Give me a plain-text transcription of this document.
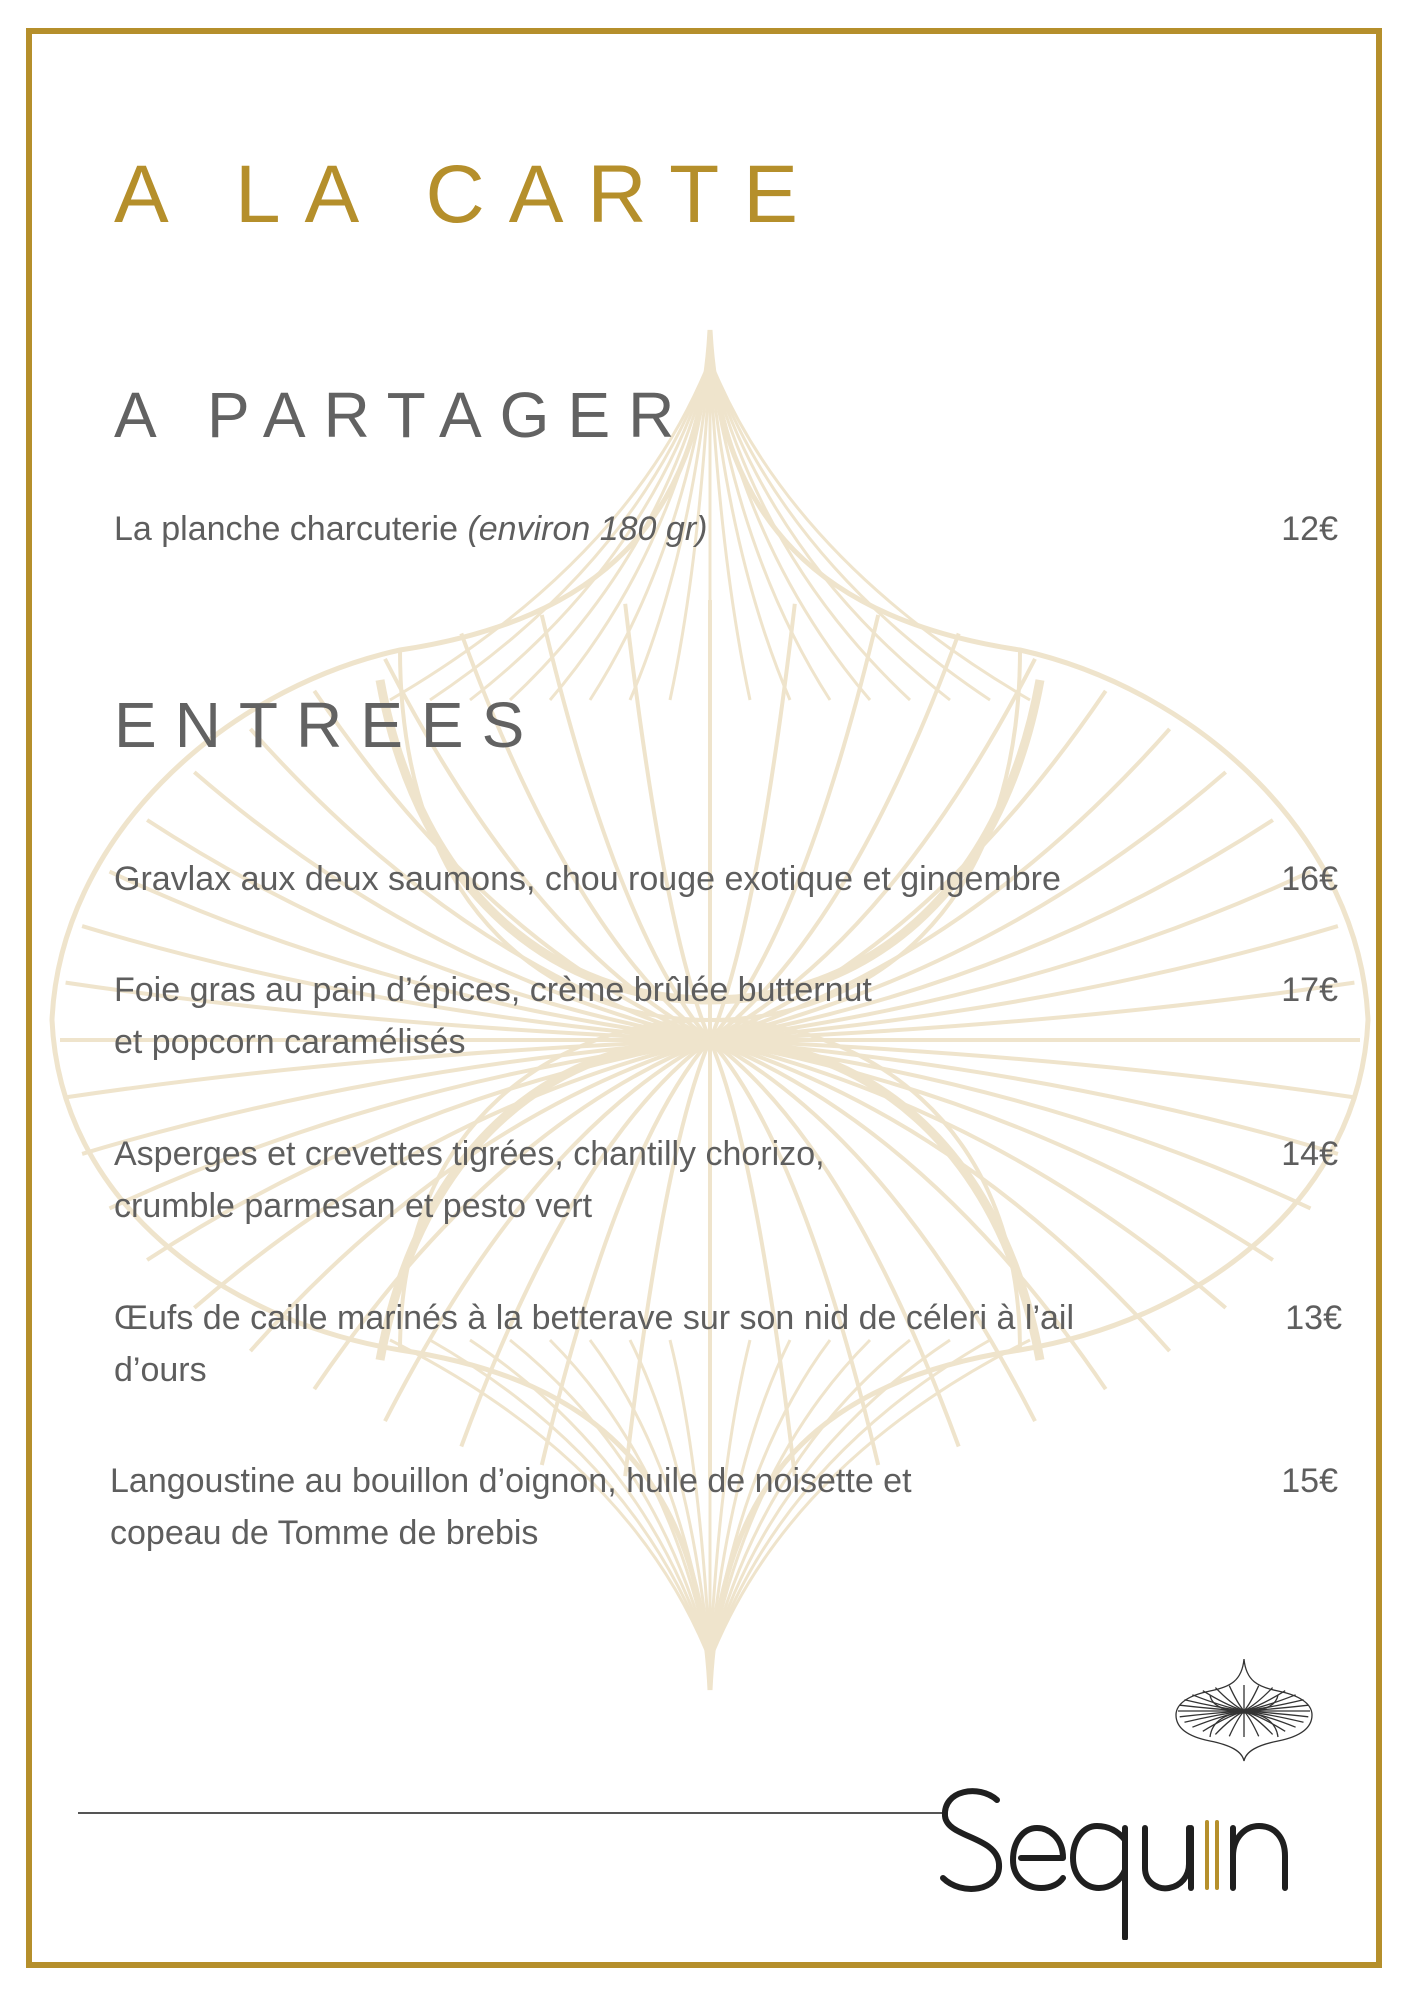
A LA CARTE
A PARTAGER
La planche charcuterie (environ 180 gr)	12€
ENTREES
Gravlax aux deux saumons, chou rouge exotique et gingembre	16€
Foie gras au pain d’épices, crème brûlée butternut
et popcorn caramélisés
17€
Asperges et crevettes tigrées, chantilly chorizo,
crumble parmesan et pesto vert
14€
Œufs de caille marinés à la betterave sur son nid de céleri à l’ail
d’ours
13€
Langoustine au bouillon d’oignon, huile de noisette et
copeau de Tomme de brebis
15€
